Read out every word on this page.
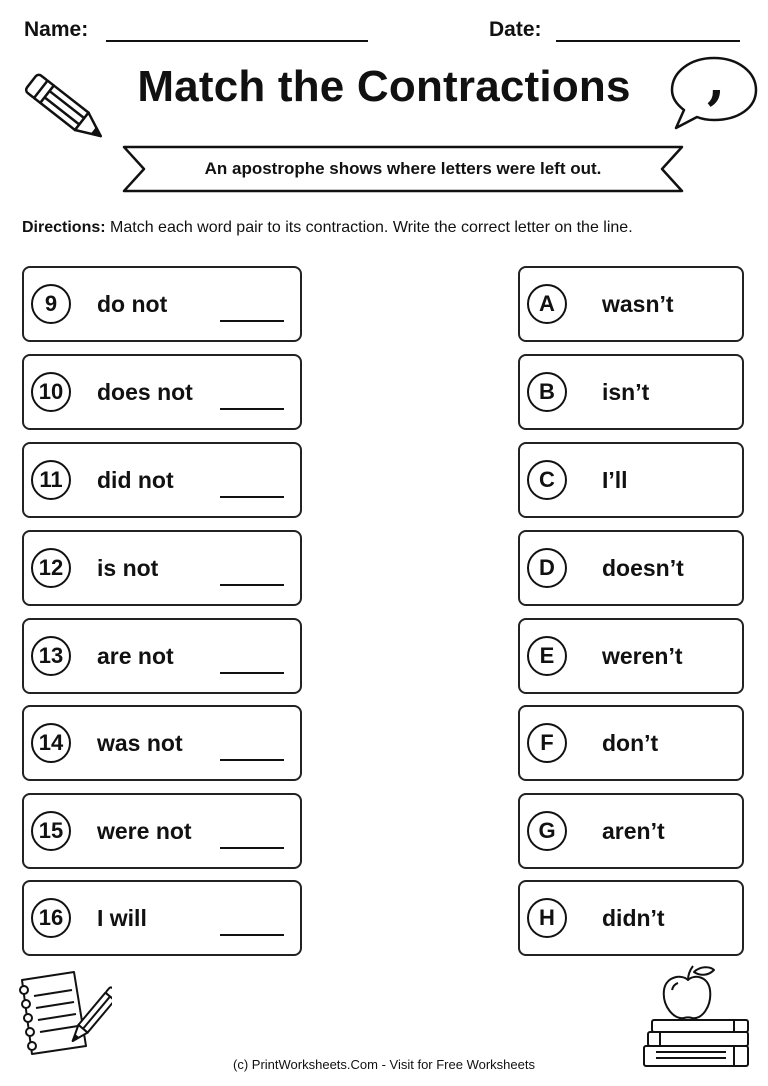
Name:	Date:
Match the Contractions	,
An apostrophe shows where letters were left out.
Directions: Match each word pair to its contraction. Write the correct letter on the line.
9	do not
10	does not
11	did not
12	is not
13	are not
14	was not
15	were not
16	I will
A	wasn’t
B	isn’t
C	I’ll
D	doesn’t
E	weren’t
F	don’t
G	aren’t
H	didn’t
(c) PrintWorksheets.Com - Visit for Free Worksheets
